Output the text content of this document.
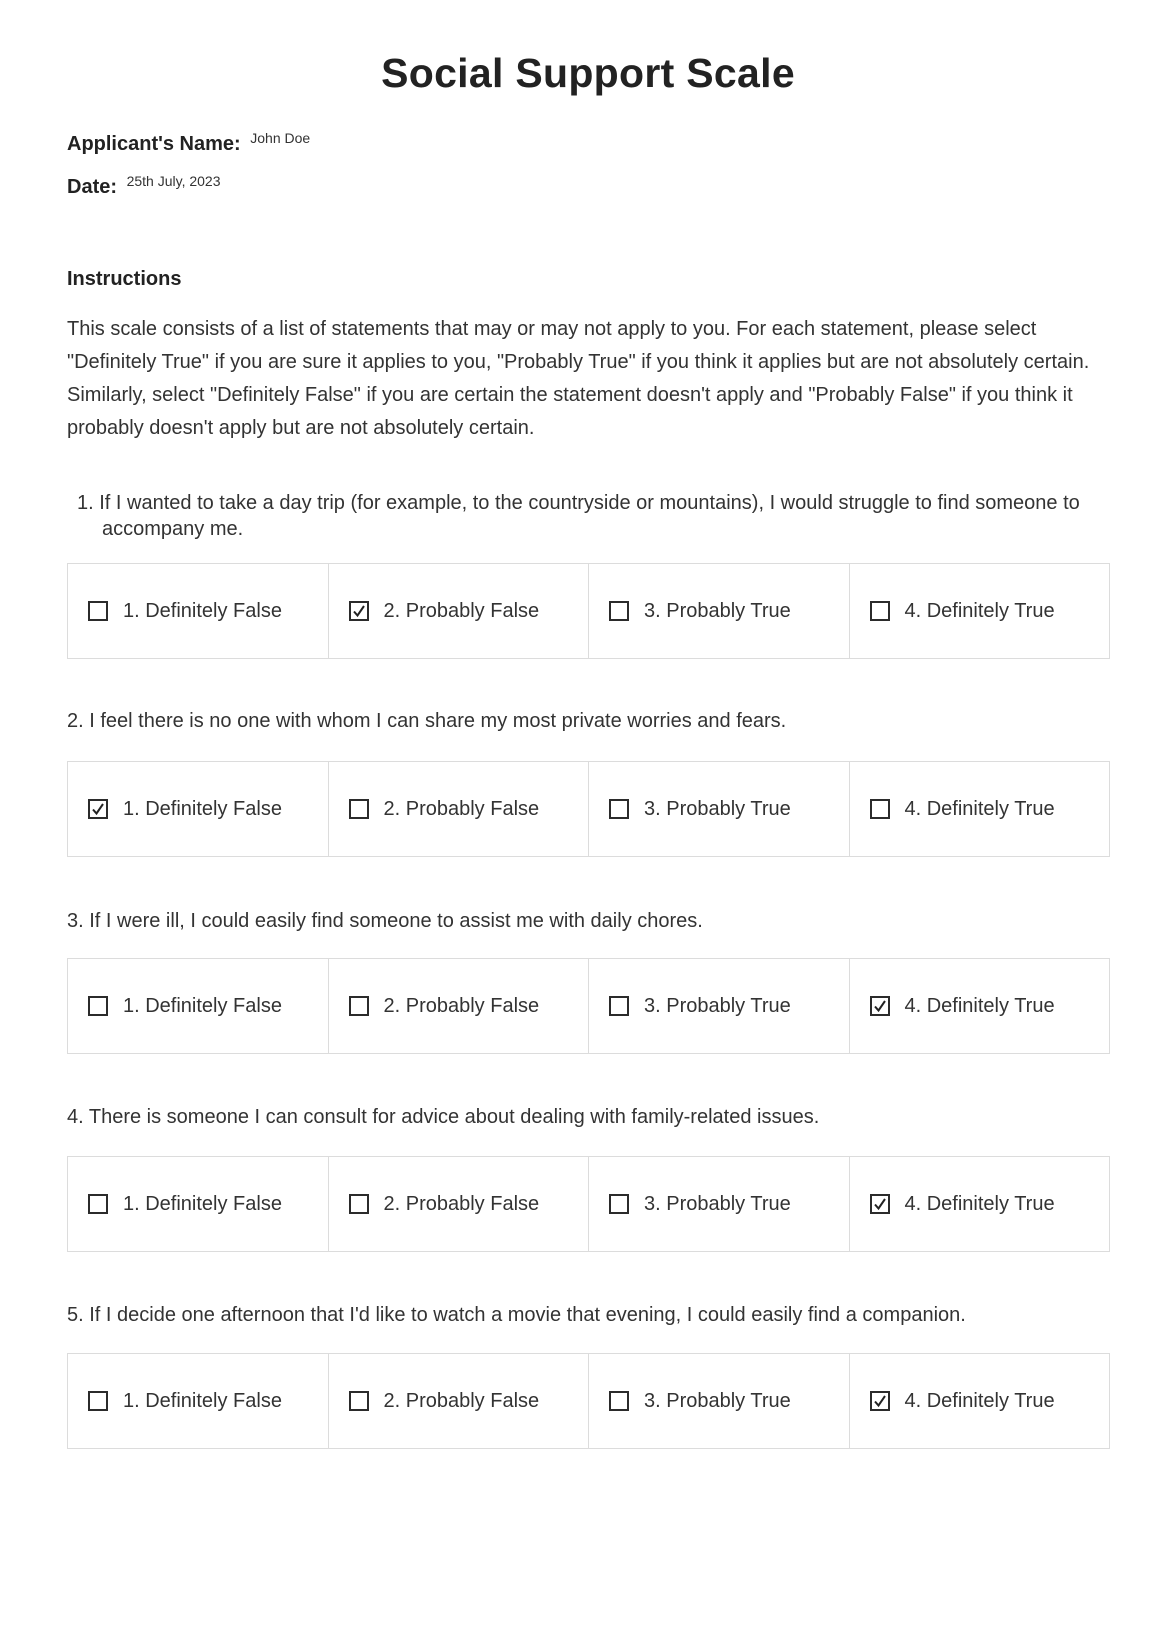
Social Support Scale
Applicant's Name: $^{John Doe}$
Date: $^{25th July, 2023}$
Instructions
This scale consists of a list of statements that may or may not apply to you. For each statement, please select "Definitely True" if you are sure it applies to you, "Probably True" if you think it applies but are not absolutely certain. Similarly, select "Definitely False" if you are certain the statement doesn't apply and "Probably False" if you think it probably doesn't apply but are not absolutely certain.
1. If I wanted to take a day trip (for example, to the countryside or mountains), I would struggle to find someone to accompany me.
1. Definitely False	2. Probably False	3. Probably True	4. Definitely True
2. I feel there is no one with whom I can share my most private worries and fears.
1. Definitely False	2. Probably False	3. Probably True	4. Definitely True
3. If I were ill, I could easily find someone to assist me with daily chores.
1. Definitely False	2. Probably False	3. Probably True	4. Definitely True
4. There is someone I can consult for advice about dealing with family-related issues.
1. Definitely False	2. Probably False	3. Probably True	4. Definitely True
5. If I decide one afternoon that I'd like to watch a movie that evening, I could easily find a companion.
1. Definitely False	2. Probably False	3. Probably True	4. Definitely True
